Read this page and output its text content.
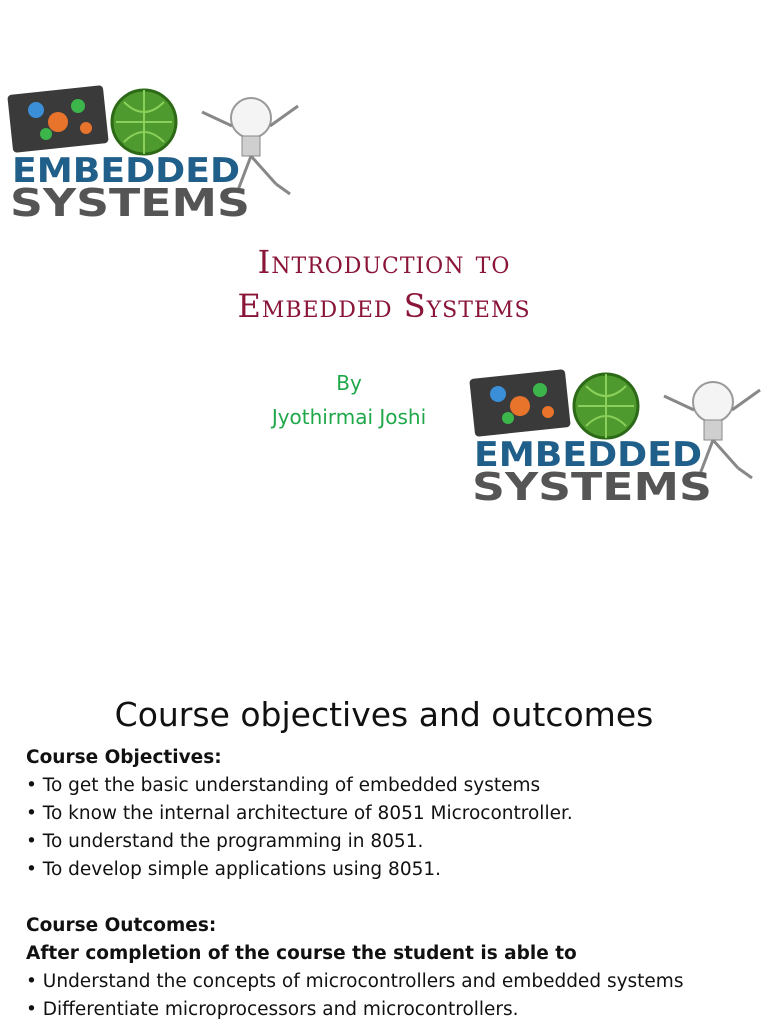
EMBEDDED
SYSTEMS
Introduction to
Embedded Systems
By
Jyothirmai Joshi
EMBEDDED
SYSTEMS
Course objectives and outcomes
Course Objectives:
• To get the basic understanding of embedded systems
• To know the internal architecture of 8051 Microcontroller.
• To understand the programming in 8051.
• To develop simple applications using 8051.
Course Outcomes:
After completion of the course the student is able to
• Understand the concepts of microcontrollers and embedded systems
• Differentiate microprocessors and microcontrollers.
